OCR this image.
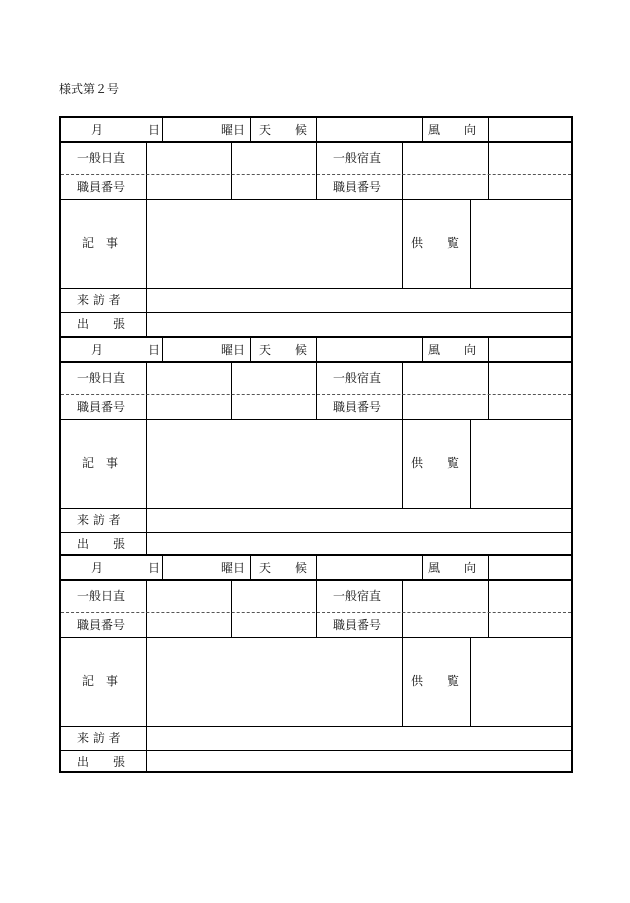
様式第２号
月	日	曜日 天　　候	風　　向
一般日直	一般宿直
職員番号	職員番号
記　事	供　　覧
来 訪 者
出　　張
月	日	曜日 天　　候	風　　向
一般日直	一般宿直
職員番号	職員番号
記　事	供　　覧
来 訪 者
出　　張
月	日	曜日 天　　候	風　　向
一般日直	一般宿直
職員番号	職員番号
記　事	供　　覧
来 訪 者
出　　張
